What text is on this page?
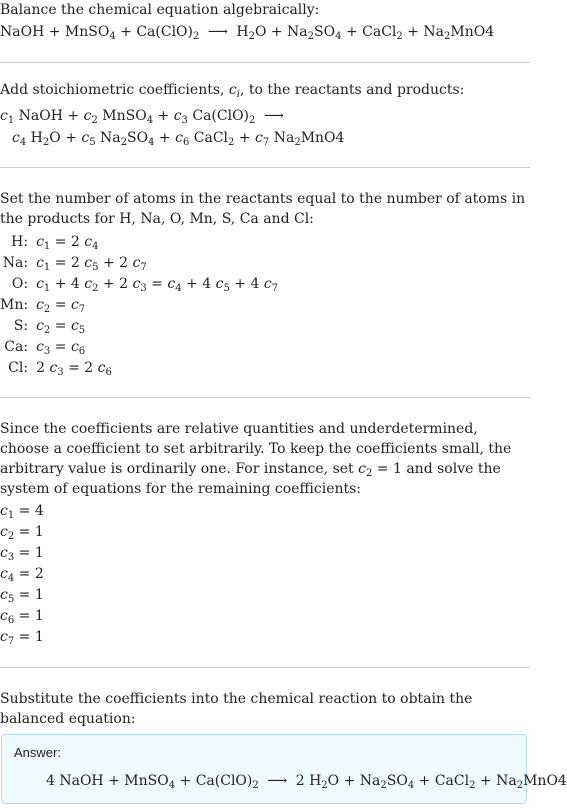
Balance the chemical equation algebraically:

NaOH + MnSO$_4$ + $Ca(ClO)_2$ ⟶ $H_2O + Na_2SO_4$ + CaCl$_2$ + $Na_2MnO4$

Add stoichiometric coefficients, $c_i$, to the reactants and products:

$c_1$ NaOH + $c_2$ MnSO$_4$ + $c_3$ $Ca(ClO)_2$ ⟶
$c_4$ $H_2O + c_5$ $Na_2SO_4 + c_6$ CaCl$_2$ + $c_7$ $Na_2MnO4$

Set the number of atoms in the reactants equal to the number of atoms in the products for H, Na, O, Mn, S, Ca and Cl:

H:	$c_1 = 2$ $c_4$
Na:	$c_1 = 2$ $c_5 + 2$ $c_7$
O:	$c_1 + 4$ $c_2 + 2$ $c_3 = c_4 + 4$ $c_5 + 4$ $c_7$
Mn:	$c_2 = c_7$
S:	$c_2 = c_5$
Ca:	$c_3 = c_6$
Cl:	2 $c_3 = 2$ $c_6$

Since the coefficients are relative quantities and underdetermined, choose a coefficient to set arbitrarily. To keep the coefficients small, the arbitrary value is ordinarily one. For instance, set $c_2 = 1$ and solve the system of equations for the remaining coefficients:

$c_1 = 4$
$c_2 = 1$
$c_3 = 1$
$c_4 = 2$
$c_5 = 1$
$c_6 = 1$
$c_7 = 1$

Substitute the coefficients into the chemical reaction to obtain the balanced equation:

Answer:
4 NaOH + MnSO$_4$ + $Ca(ClO)_2$ ⟶ 2 $H_2O + Na_2SO_4$ + CaCl$_2$ + $Na_2MnO4$
